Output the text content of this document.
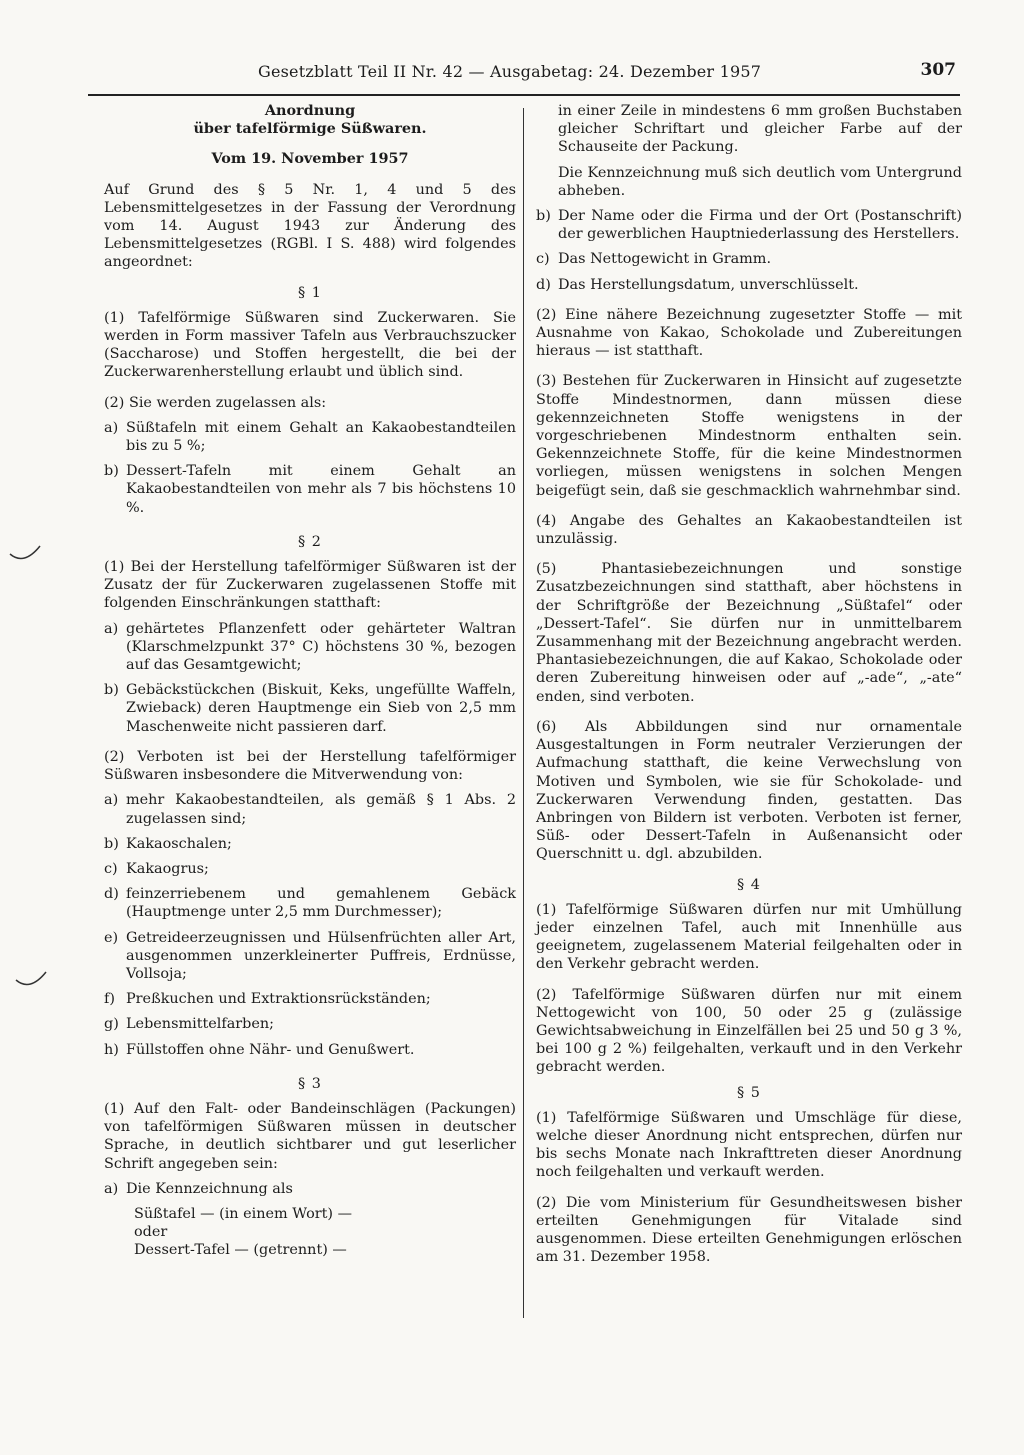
Gesetzblatt Teil II Nr. 42 — Ausgabetag: 24. Dezember 1957	307

Anordnung

über tafelförmige Süßwaren.

Vom 19. November 1957

Auf Grund des § 5 Nr. 1, 4 und 5 des Lebensmittelgesetzes in der Fassung der Verordnung vom 14. August 1943 zur Änderung des Lebensmittelgesetzes (RGBl. I S. 488) wird folgendes angeordnet:

§ 1

(1) Tafelförmige Süßwaren sind Zuckerwaren. Sie werden in Form massiver Tafeln aus Verbrauchszucker (Saccharose) und Stoffen hergestellt, die bei der Zuckerwarenherstellung erlaubt und üblich sind.

(2) Sie werden zugelassen als:

a) Süßtafeln mit einem Gehalt an Kakaobestandteilen bis zu 5 %;
b) Dessert-Tafeln mit einem Gehalt an Kakaobestandteilen von mehr als 7 bis höchstens 10 %.

§ 2

(1) Bei der Herstellung tafelförmiger Süßwaren ist der Zusatz der für Zuckerwaren zugelassenen Stoffe mit folgenden Einschränkungen statthaft:

a) gehärtetes Pflanzenfett oder gehärteter Waltran (Klarschmelzpunkt 37° C) höchstens 30 %, bezogen auf das Gesamtgewicht;
b) Gebäckstückchen (Biskuit, Keks, ungefüllte Waffeln, Zwieback) deren Hauptmenge ein Sieb von 2,5 mm Maschenweite nicht passieren darf.

(2) Verboten ist bei der Herstellung tafelförmiger Süßwaren insbesondere die Mitverwendung von:

a) mehr Kakaobestandteilen, als gemäß § 1 Abs. 2 zugelassen sind;
b) Kakaoschalen;
c) Kakaogrus;
d) feinzerriebenem und gemahlenem Gebäck (Hauptmenge unter 2,5 mm Durchmesser);
e) Getreideerzeugnissen und Hülsenfrüchten aller Art, ausgenommen unzerkleinerter Puffreis, Erdnüsse, Vollsoja;
f) Preßkuchen und Extraktionsrückständen;
g) Lebensmittelfarben;
h) Füllstoffen ohne Nähr- und Genußwert.

§ 3

(1) Auf den Falt- oder Bandeinschlägen (Packungen) von tafelförmigen Süßwaren müssen in deutscher Sprache, in deutlich sichtbarer und gut leserlicher Schrift angegeben sein:

a) Die Kennzeichnung als

Süßtafel — (in einem Wort) —

oder

Dessert-Tafel — (getrennt) —

in einer Zeile in mindestens 6 mm großen Buchstaben gleicher Schriftart und gleicher Farbe auf der Schauseite der Packung.

Die Kennzeichnung muß sich deutlich vom Untergrund abheben.

b) Der Name oder die Firma und der Ort (Postanschrift) der gewerblichen Hauptniederlassung des Herstellers.
c) Das Nettogewicht in Gramm.
d) Das Herstellungsdatum, unverschlüsselt.

(2) Eine nähere Bezeichnung zugesetzter Stoffe — mit Ausnahme von Kakao, Schokolade und Zubereitungen hieraus — ist statthaft.

(3) Bestehen für Zuckerwaren in Hinsicht auf zugesetzte Stoffe Mindestnormen, dann müssen diese gekennzeichneten Stoffe wenigstens in der vorgeschriebenen Mindestnorm enthalten sein. Gekennzeichnete Stoffe, für die keine Mindestnormen vorliegen, müssen wenigstens in solchen Mengen beigefügt sein, daß sie geschmacklich wahrnehmbar sind.

(4) Angabe des Gehaltes an Kakaobestandteilen ist unzulässig.

(5) Phantasiebezeichnungen und sonstige Zusatzbezeichnungen sind statthaft, aber höchstens in der Schriftgröße der Bezeichnung „Süßtafel“ oder „Dessert-Tafel“. Sie dürfen nur in unmittelbarem Zusammenhang mit der Bezeichnung angebracht werden. Phantasiebezeichnungen, die auf Kakao, Schokolade oder deren Zubereitung hinweisen oder auf „-ade“, „-ate“ enden, sind verboten.

(6) Als Abbildungen sind nur ornamentale Ausgestaltungen in Form neutraler Verzierungen der Aufmachung statthaft, die keine Verwechslung von Motiven und Symbolen, wie sie für Schokolade- und Zuckerwaren Verwendung finden, gestatten. Das Anbringen von Bildern ist verboten. Verboten ist ferner, Süß- oder Dessert-Tafeln in Außenansicht oder Querschnitt u. dgl. abzubilden.

§ 4

(1) Tafelförmige Süßwaren dürfen nur mit Umhüllung jeder einzelnen Tafel, auch mit Innenhülle aus geeignetem, zugelassenem Material feilgehalten oder in den Verkehr gebracht werden.

(2) Tafelförmige Süßwaren dürfen nur mit einem Nettogewicht von 100, 50 oder 25 g (zulässige Gewichtsabweichung in Einzelfällen bei 25 und 50 g 3 %, bei 100 g 2 %) feilgehalten, verkauft und in den Verkehr gebracht werden.

§ 5

(1) Tafelförmige Süßwaren und Umschläge für diese, welche dieser Anordnung nicht entsprechen, dürfen nur bis sechs Monate nach Inkrafttreten dieser Anordnung noch feilgehalten und verkauft werden.

(2) Die vom Ministerium für Gesundheitswesen bisher erteilten Genehmigungen für Vitalade sind ausgenommen. Diese erteilten Genehmigungen erlöschen am 31. Dezember 1958.
